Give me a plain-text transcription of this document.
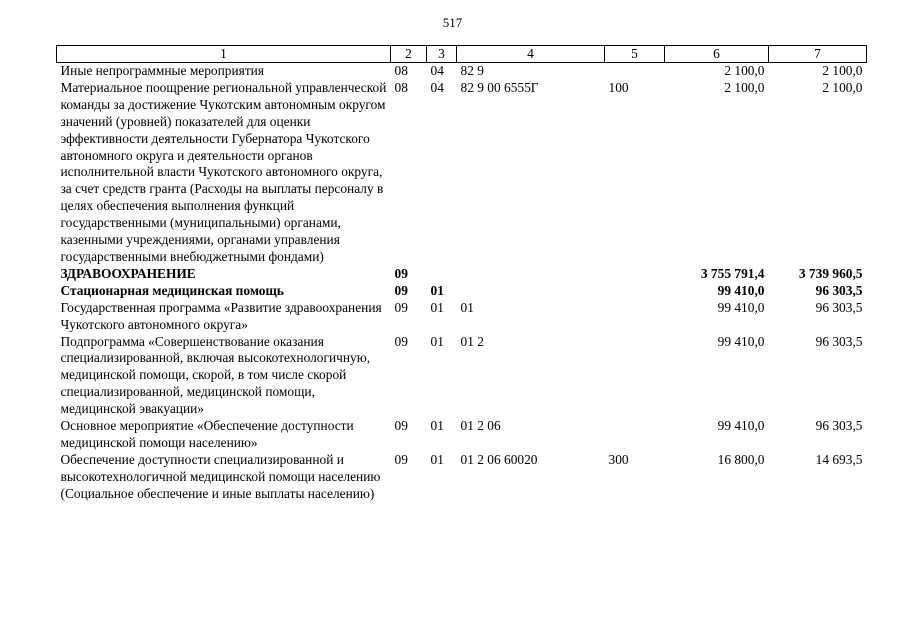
517
1	2	3	4	5	6	7
Иные непрограммные мероприятия	08	04	82 9		2 100,0	2 100,0
Материальное поощрение региональной управленческой команды за достижение Чукотским автономным округом значений (уровней) показателей для оценки эффективности деятельности Губернатора Чукотского автономного округа и деятельности органов исполнительной власти Чукотского автономного округа, за счет средств гранта (Расходы на выплаты персоналу в целях обеспечения выполнения функций государственными (муниципальными) органами, казенными учреждениями, органами управления государственными внебюджетными фондами)	08	04	82 9 00 6555Г	100	2 100,0	2 100,0
ЗДРАВООХРАНЕНИЕ	09				3 755 791,4	3 739 960,5
Стационарная медицинская помощь	09	01			99 410,0	96 303,5
Государственная программа «Развитие здравоохранения Чукотского автономного округа»	09	01	01		99 410,0	96 303,5
Подпрограмма «Совершенствование оказания специализированной, включая высокотехнологичную, медицинской помощи, скорой, в том числе скорой специализированной, медицинской помощи, медицинской эвакуации»	09	01	01 2		99 410,0	96 303,5
Основное мероприятие «Обеспечение доступности медицинской помощи населению»	09	01	01 2 06		99 410,0	96 303,5
Обеспечение доступности специализированной и высокотехнологичной медицинской помощи населению (Социальное обеспечение и иные выплаты населению)	09	01	01 2 06 60020	300	16 800,0	14 693,5
